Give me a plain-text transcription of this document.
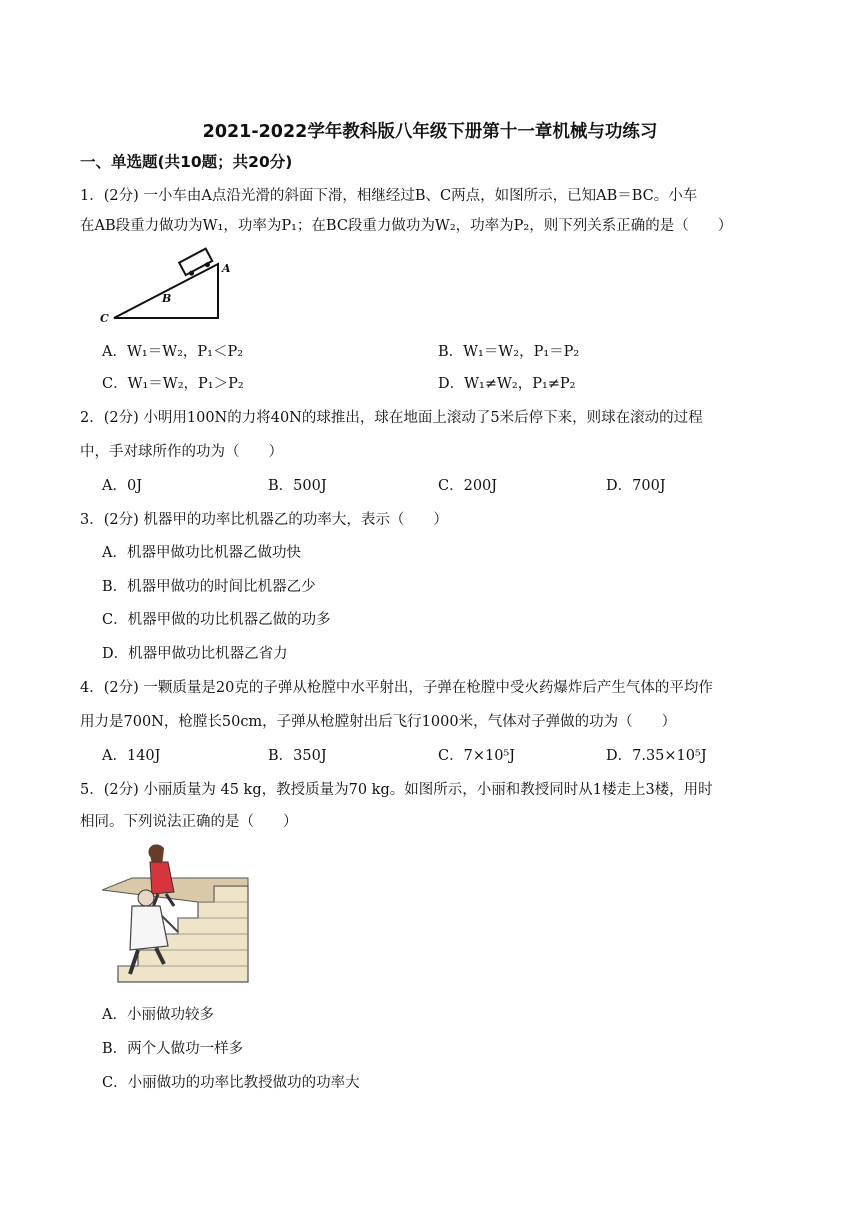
2021-2022学年教科版八年级下册第十一章机械与功练习
一、单选题(共10题；共20分)
1．(2分) 一小车由A点沿光滑的斜面下滑，相继经过B、C两点，如图所示，已知AB＝BC。小车
在AB段重力做功为W₁，功率为P₁；在BC段重力做功为W₂，功率为P₂，则下列关系正确的是（　　）
A
B
C
A．W₁＝W₂，P₁＜P₂	B．W₁＝W₂，P₁＝P₂
C．W₁＝W₂，P₁＞P₂	D．W₁≠W₂，P₁≠P₂
2．(2分) 小明用100N的力将40N的球推出，球在地面上滚动了5米后停下来，则球在滚动的过程
中，手对球所作的功为（　　）
A．0J	B．500J	C．200J	D．700J
3．(2分) 机器甲的功率比机器乙的功率大，表示（　　）
A．机器甲做功比机器乙做功快
B．机器甲做功的时间比机器乙少
C．机器甲做的功比机器乙做的功多
D．机器甲做功比机器乙省力
4．(2分) 一颗质量是20克的子弹从枪膛中水平射出，子弹在枪膛中受火药爆炸后产生气体的平均作
用力是700N，枪膛长50cm，子弹从枪膛射出后飞行1000米，气体对子弹做的功为（　　）
A．140J	B．350J	C．7×10⁵J	D．7.35×10⁵J
5．(2分) 小丽质量为 45 kg，教授质量为70 kg。如图所示，小丽和教授同时从1楼走上3楼，用时
相同。下列说法正确的是（　　）
A．小丽做功较多
B．两个人做功一样多
C．小丽做功的功率比教授做功的功率大
